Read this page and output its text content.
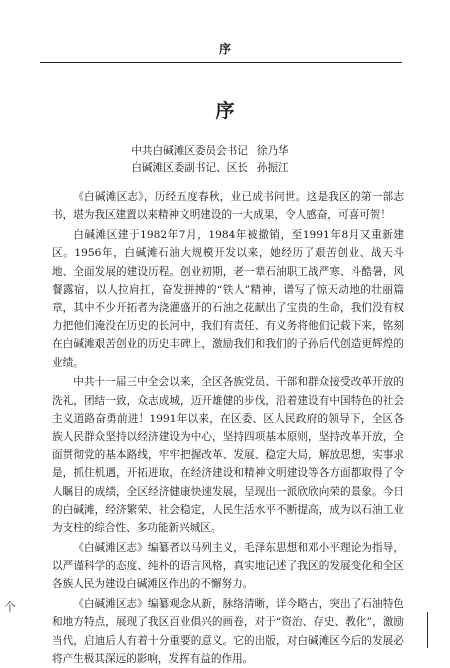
序
序
中共白碱滩区委员会书记 徐乃华
白碱滩区委副书记、区长 孙振江

《白碱滩区志》，历经五度春秋，业已成书问世。这是我区的第一部志书，堪为我区建置以来精神文明建设的一大成果，令人感奋，可喜可贺！

白碱滩区建于1982年7月，1984年被撤销，至1991年8月又重新建区。1956年，白碱滩石油大规模开发以来，她经历了艰苦创业、战天斗地、全面发展的建设历程。创业初期，老一辈石油职工战严寒、斗酷暑，风餐露宿，以人拉肩扛，奋发拼搏的“铁人”精神，谱写了惊天动地的壮丽篇章，其中不少开拓者为浇灌盛开的石油之花献出了宝贵的生命，我们没有权力把他们淹没在历史的长河中，我们有责任、有义务将他们记载下来，铭刻在白碱滩艰苦创业的历史丰碑上，激励我们和我们的子孙后代创造更辉煌的业绩。

中共十一届三中全会以来，全区各族党员、干部和群众接受改革开放的洗礼，团结一致，众志成城，迈开雄健的步伐，沿着建设有中国特色的社会主义道路奋勇前进！1991年以来，在区委、区人民政府的领导下，全区各族人民群众坚持以经济建设为中心，坚持四项基本原则，坚持改革开放，全面贯彻党的基本路线，牢牢把握改革、发展、稳定大局，解放思想，实事求是，抓住机遇，开拓进取，在经济建设和精神文明建设等各方面都取得了令人瞩目的成绩，全区经济健康快速发展，呈现出一派欣欣向荣的景象。今日的白碱滩，经济繁荣、社会稳定，人民生活水平不断提高，成为以石油工业为支柱的综合性、多功能新兴城区。

《白碱滩区志》编纂者以马列主义，毛泽东思想和邓小平理论为指导，以严谨科学的态度、纯朴的语言风格，真实地记述了我区的发展变化和全区各族人民为建设白碱滩区作出的不懈努力。

《白碱滩区志》编纂观念从新，脉络清晰，详今略古，突出了石油特色和地方特点，展现了我区百业俱兴的画卷，对于“资治、存史、教化”，激励当代，启迪后人有着十分重要的意义。它的出版，对白碱滩区今后的发展必将产生极其深远的影响，发挥有益的作用。

个
